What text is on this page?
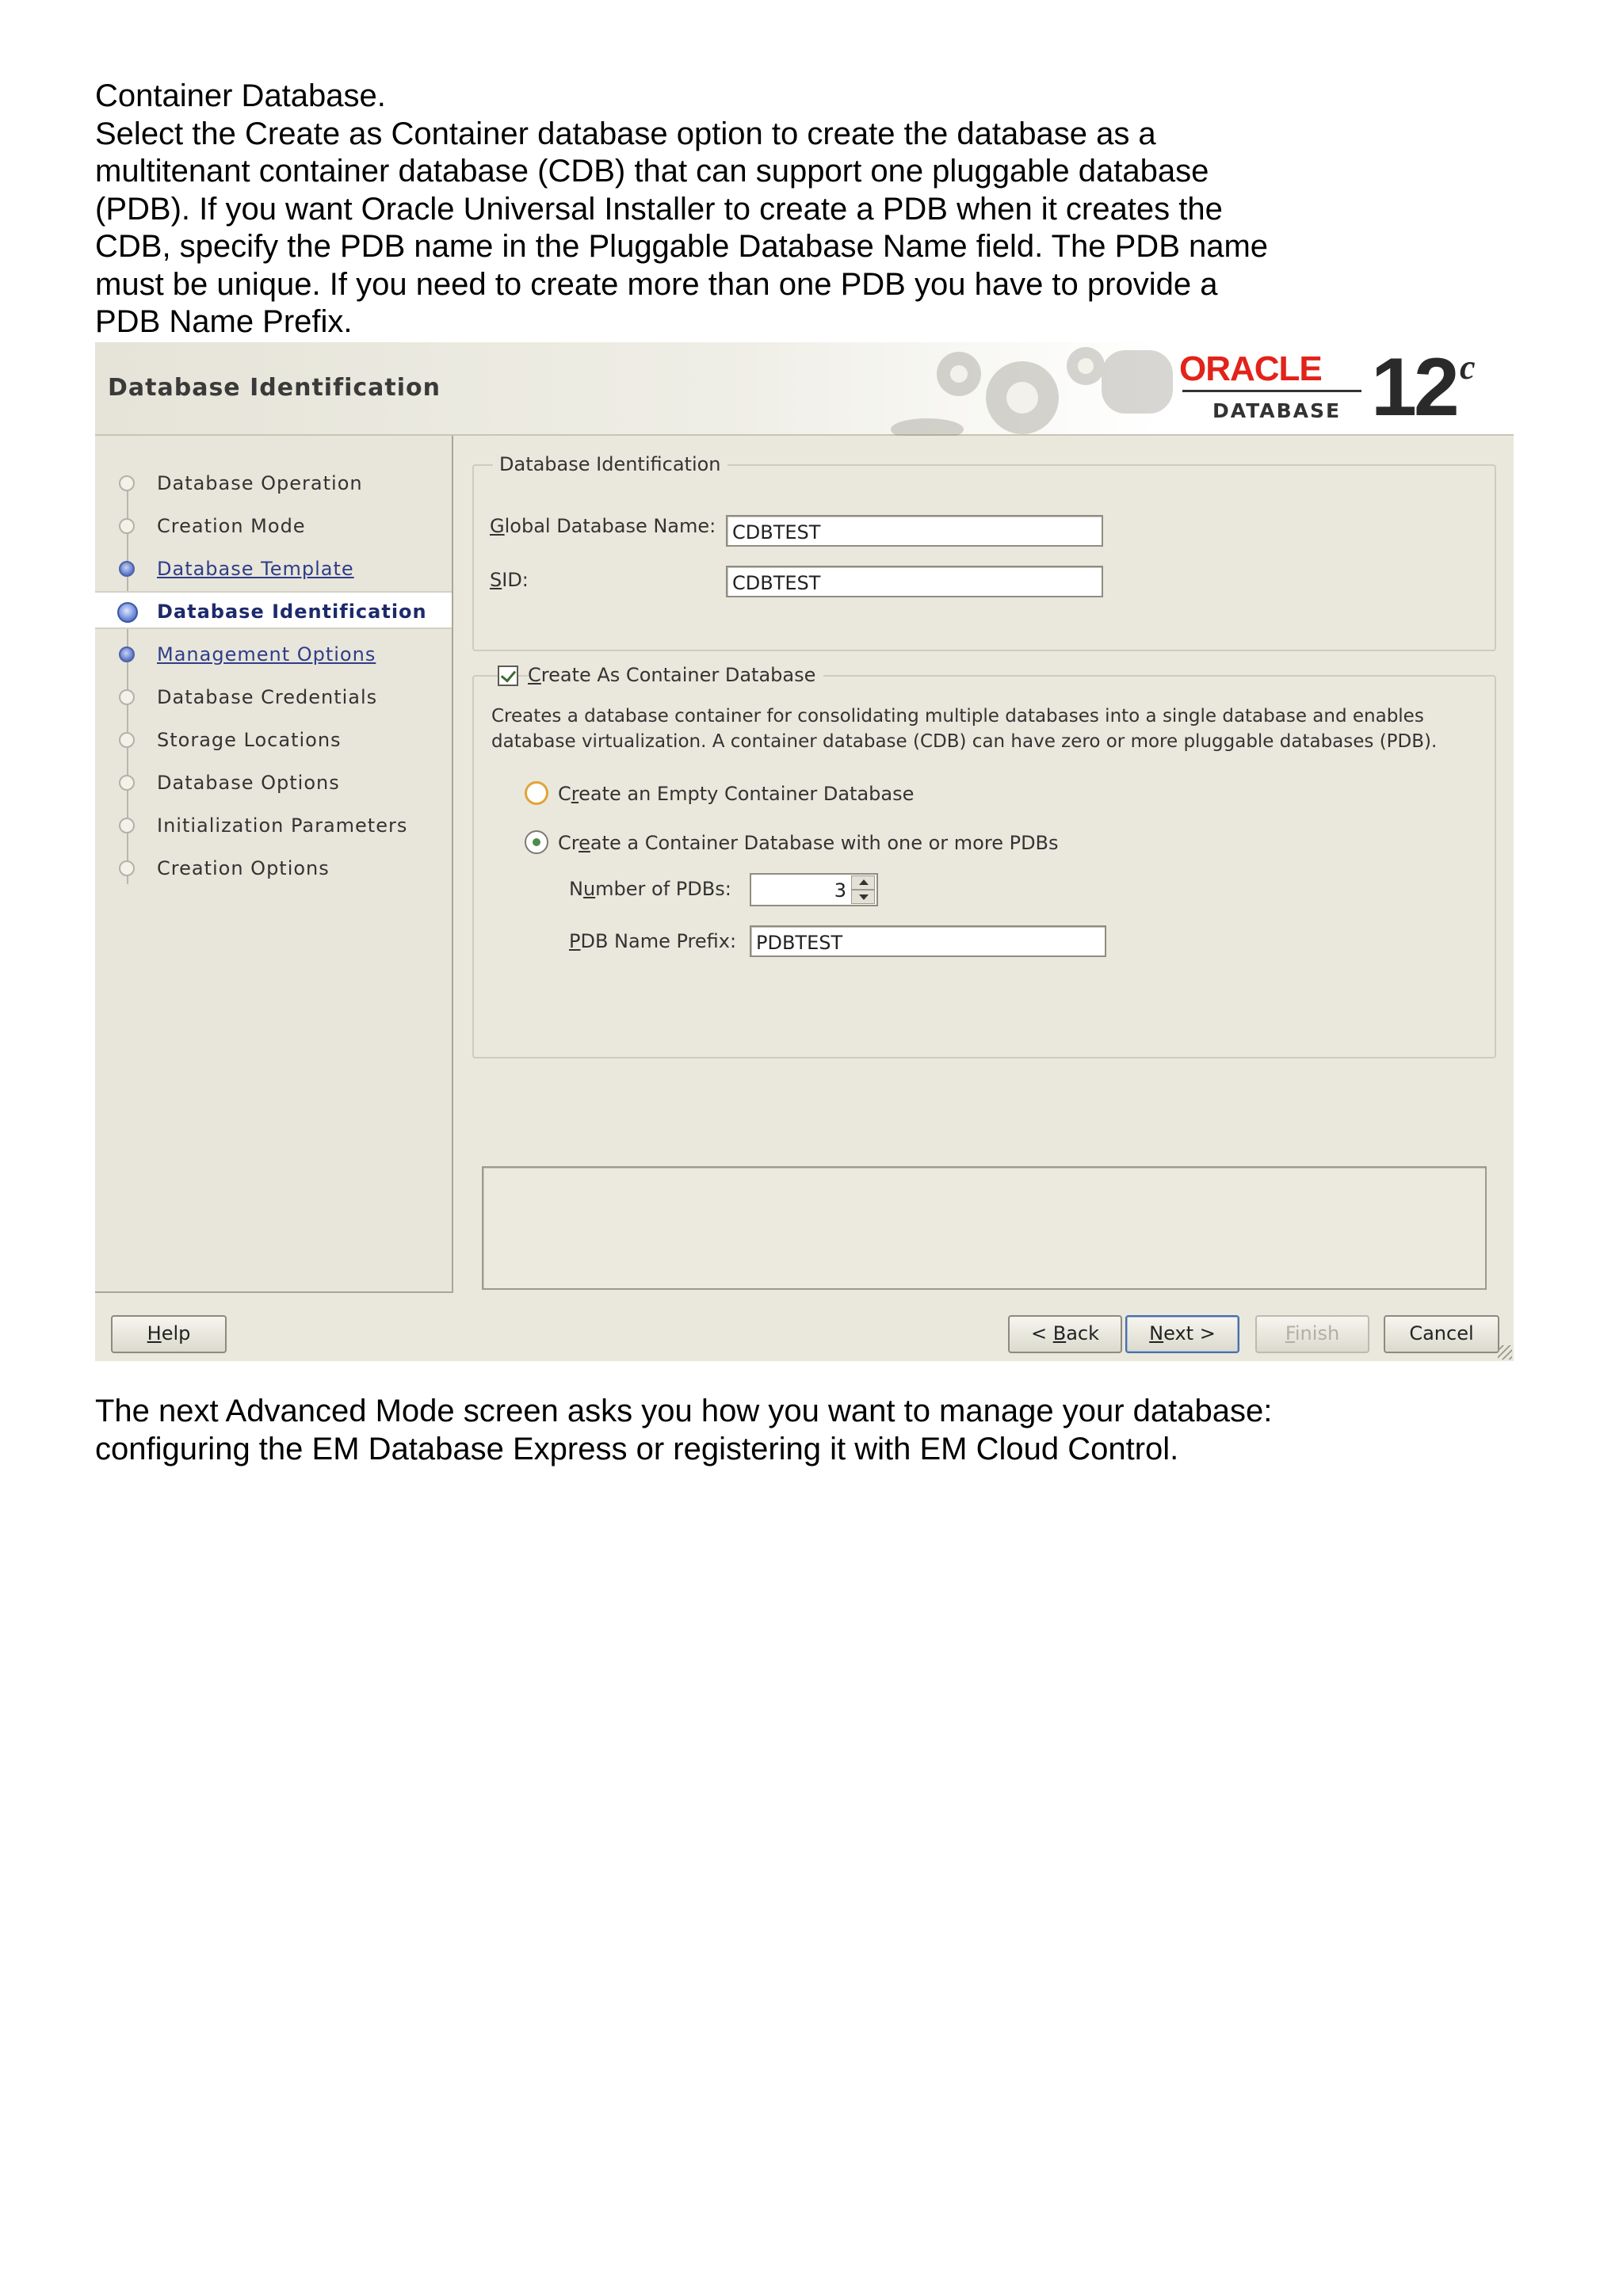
Container Database.

Select the Create as Container database option to create the database as a

multitenant container database (CDB) that can support one pluggable database

(PDB). If you want Oracle Universal Installer to create a PDB when it creates the

CDB, specify the PDB name in the Pluggable Database Name field. The PDB name

must be unique. If you need to create more than one PDB you have to provide a

PDB Name Prefix.

Database Identification	ORACLE
DATABASE 12 c
Database Operation
Creation Mode
Database Template
Database Identification
Management Options
Database Credentials
Storage Locations
Database Options
Initialization Parameters
Creation Options
Database Identification
Global Database Name: CDBTEST
SID:	CDBTEST
Create As Container Database
Creates a database container for consolidating multiple databases into a single database and enables database virtualization. A container database (CDB) can have zero or more pluggable databases (PDB).
Create an Empty Container Database
Create a Container Database with one or more PDBs
Number of PDBs:	3
PDB Name Prefix:	PDBTEST
Help	< Back	Next >	Finish	Cancel

The next Advanced Mode screen asks you how you want to manage your database:

configuring the EM Database Express or registering it with EM Cloud Control.
